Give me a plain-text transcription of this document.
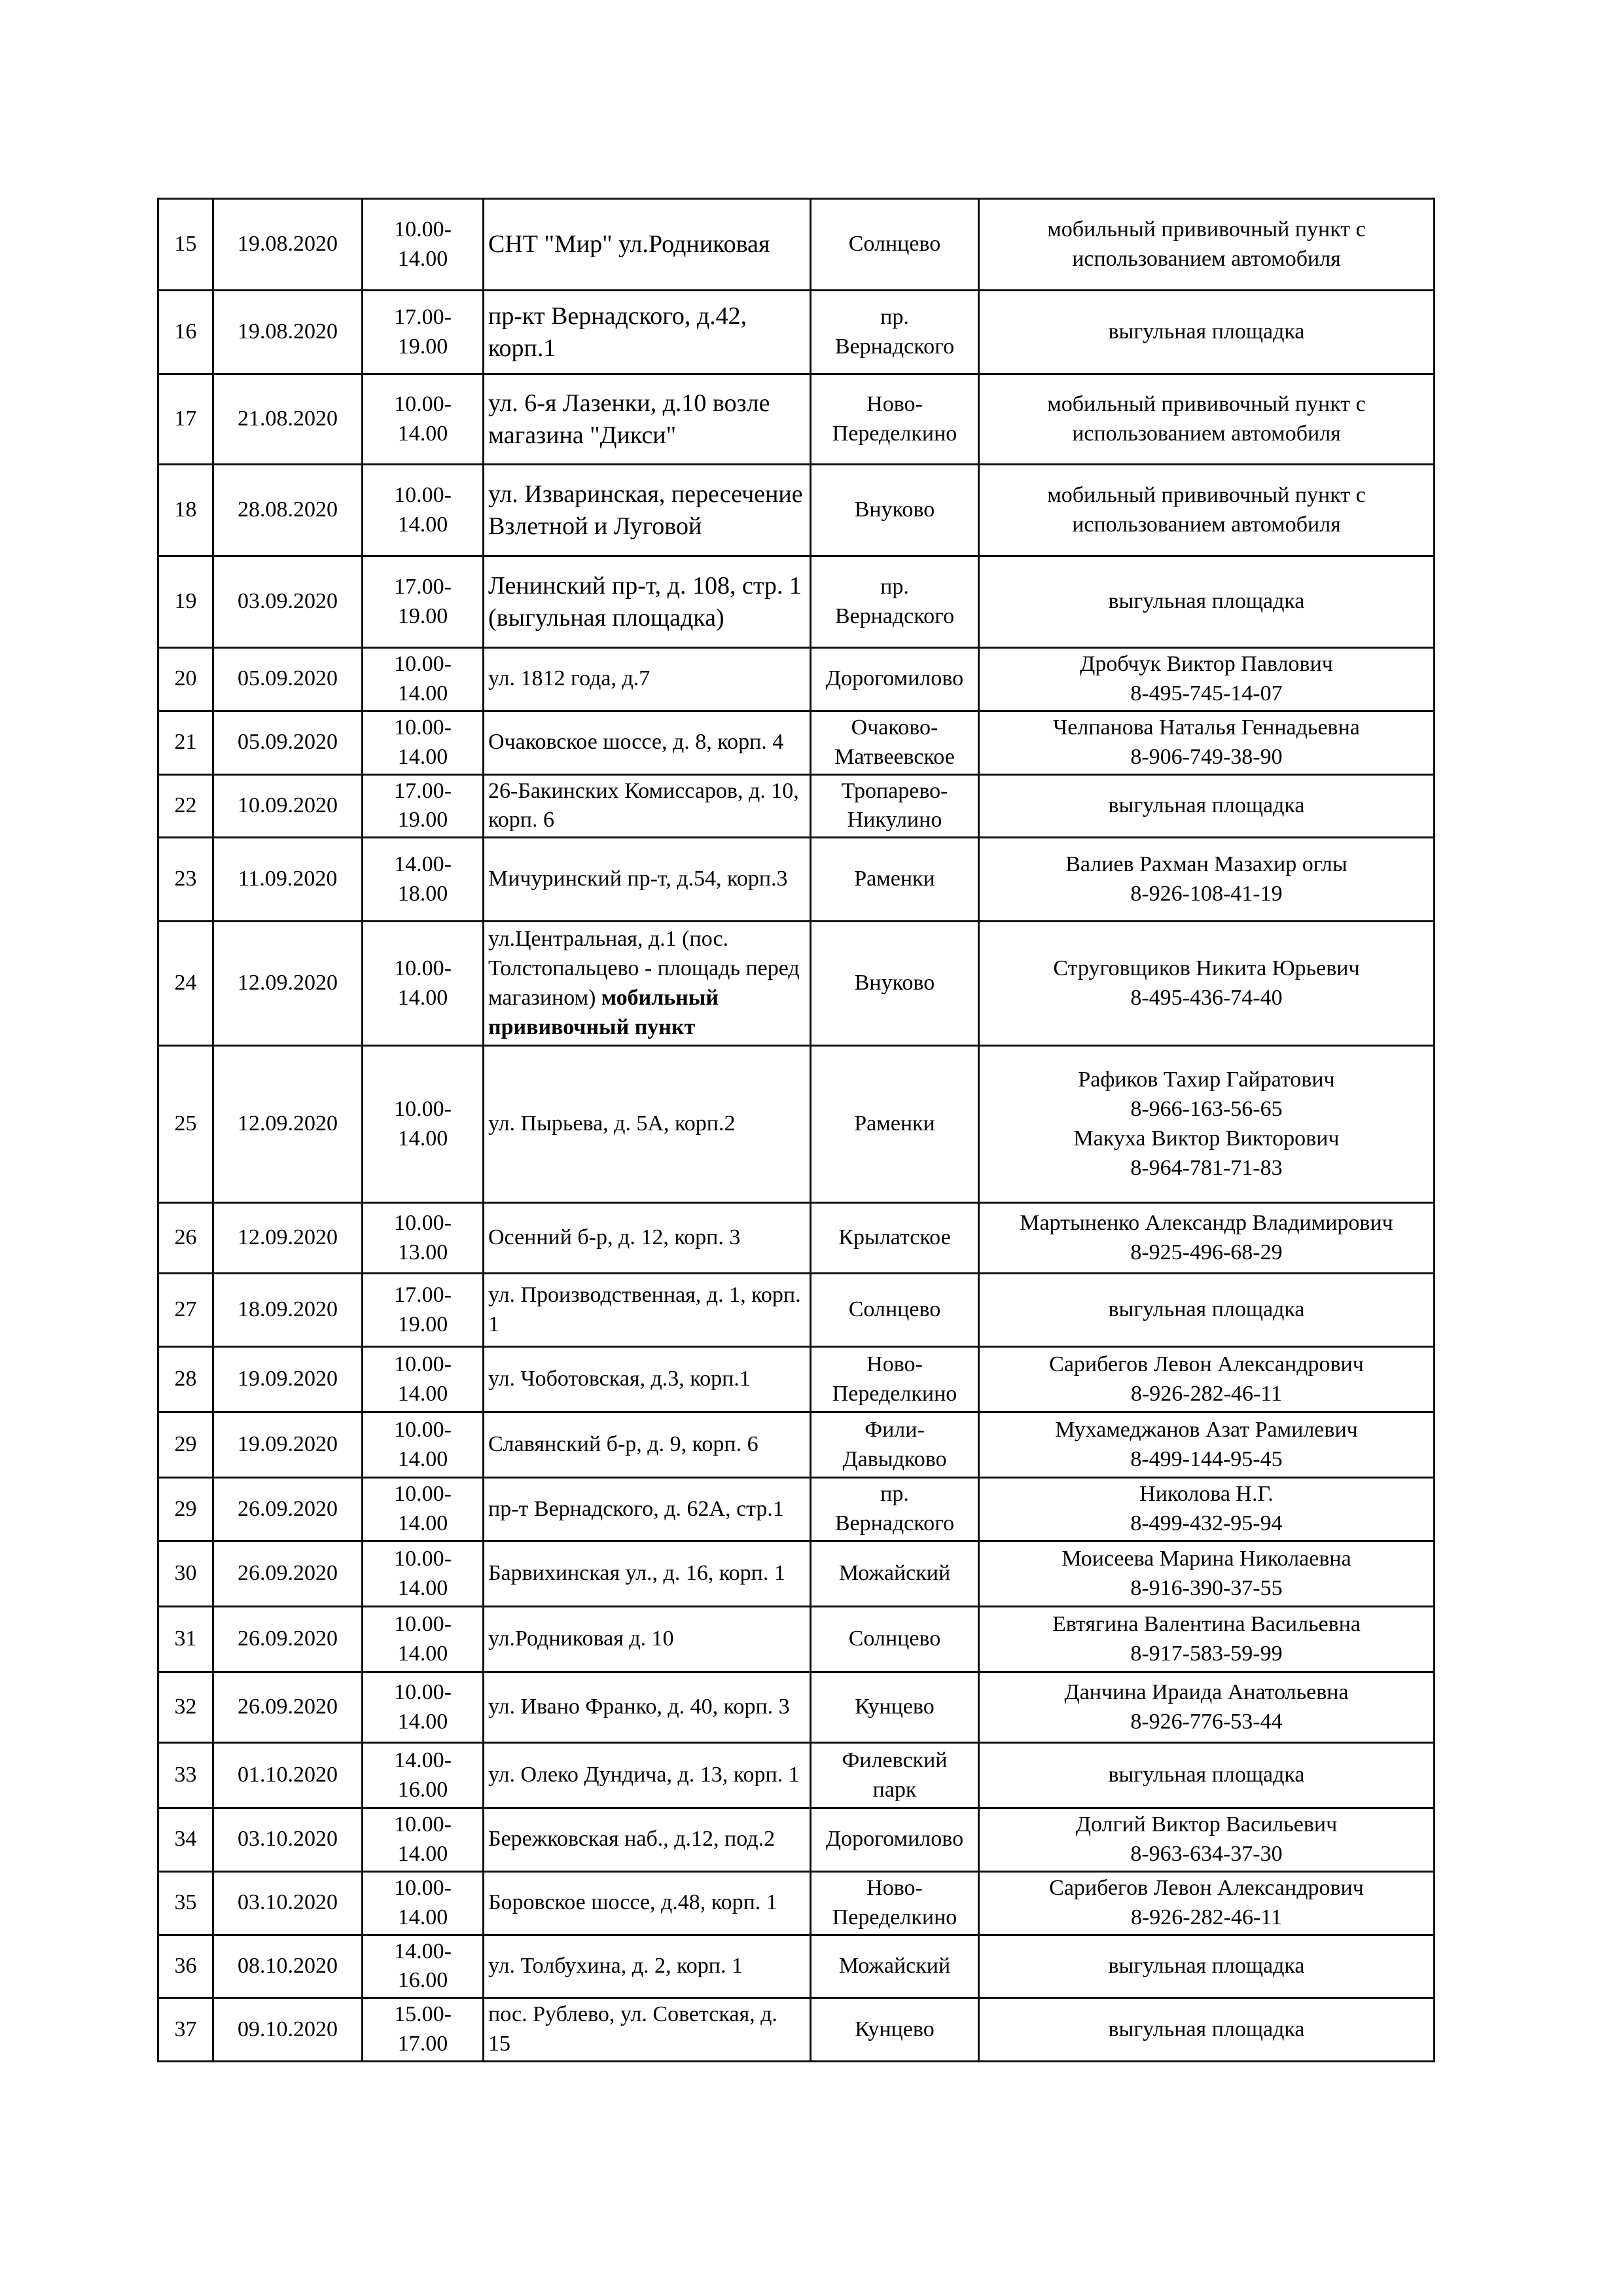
15	19.08.2020	10.00-
14.00	СНТ "Мир" ул.Родниковая	Солнцево	мобильный прививочный пункт с
использованием автомобиля

16	19.08.2020	17.00-
19.00	пр-кт Вернадского, д.42, корп.1	пр.
Вернадского	выгульная площадка

17	21.08.2020	10.00-
14.00	ул. 6-я Лазенки, д.10 возле магазина "Дикси"	Ново-
Переделкино	мобильный прививочный пункт с
использованием автомобиля

18	28.08.2020	10.00-
14.00	ул. Изваринская, пересечение Взлетной и Луговой	Внуково	мобильный прививочный пункт с
использованием автомобиля

19	03.09.2020	17.00-
19.00	Ленинский пр-т, д. 108, стр. 1 (выгульная площадка)	пр.
Вернадского	выгульная площадка

20	05.09.2020	10.00-
14.00	ул. 1812 года, д.7	Дорогомилово	Дробчук Виктор Павлович
8-495-745-14-07

21	05.09.2020	10.00-
14.00	Очаковское шоссе, д. 8, корп. 4	Очаково-
Матвеевское	Челпанова Наталья Геннадьевна
8-906-749-38-90

22	10.09.2020	17.00-
19.00	26-Бакинских Комиссаров, д. 10, корп. 6	Тропарево-
Никулино	выгульная площадка

23	11.09.2020	14.00-
18.00	Мичуринский пр-т, д.54, корп.3	Раменки	Валиев Рахман Мазахир оглы
8-926-108-41-19

24	12.09.2020	10.00-
14.00	ул.Центральная, д.1 (пос. Толстопальцево - площадь перед магазином) мобильный прививочный пункт	Внуково	Струговщиков Никита Юрьевич
8-495-436-74-40

25	12.09.2020	10.00-
14.00	ул. Пырьева, д. 5А, корп.2	Раменки	Рафиков Тахир Гайратович
8-966-163-56-65
Макуха Виктор Викторович
8-964-781-71-83

26	12.09.2020	10.00-
13.00	Осенний б-р, д. 12, корп. 3	Крылатское	Мартыненко Александр Владимирович
8-925-496-68-29

27	18.09.2020	17.00-
19.00	ул. Производственная, д. 1, корп. 1	Солнцево	выгульная площадка

28	19.09.2020	10.00-
14.00	ул. Чоботовская, д.3, корп.1	Ново-
Переделкино	Сарибегов Левон Александрович
8-926-282-46-11

29	19.09.2020	10.00-
14.00	Славянский б-р, д. 9, корп. 6	Фили-
Давыдково	Мухамеджанов Азат Рамилевич
8-499-144-95-45

29	26.09.2020	10.00-
14.00	пр-т Вернадского, д. 62А, стр.1	пр.
Вернадского	Николова Н.Г.
8-499-432-95-94

30	26.09.2020	10.00-
14.00	Барвихинская ул., д. 16, корп. 1	Можайский	Моисеева Марина Николаевна
8-916-390-37-55

31	26.09.2020	10.00-
14.00	ул.Родниковая д. 10	Солнцево	Евтягина Валентина Васильевна
8-917-583-59-99

32	26.09.2020	10.00-
14.00	ул. Ивано Франко, д. 40, корп. 3	Кунцево	Данчина Ираида Анатольевна
8-926-776-53-44

33	01.10.2020	14.00-
16.00	ул. Олеко Дундича, д. 13, корп. 1	Филевский
парк	выгульная площадка

34	03.10.2020	10.00-
14.00	Бережковская наб., д.12, под.2	Дорогомилово	Долгий Виктор Васильевич
8-963-634-37-30

35	03.10.2020	10.00-
14.00	Боровское шоссе, д.48, корп. 1	Ново-
Переделкино	Сарибегов Левон Александрович
8-926-282-46-11

36	08.10.2020	14.00-
16.00	ул. Толбухина, д. 2, корп. 1	Можайский	выгульная площадка

37	09.10.2020	15.00-
17.00	пос. Рублево, ул. Советская, д. 15	Кунцево	выгульная площадка
